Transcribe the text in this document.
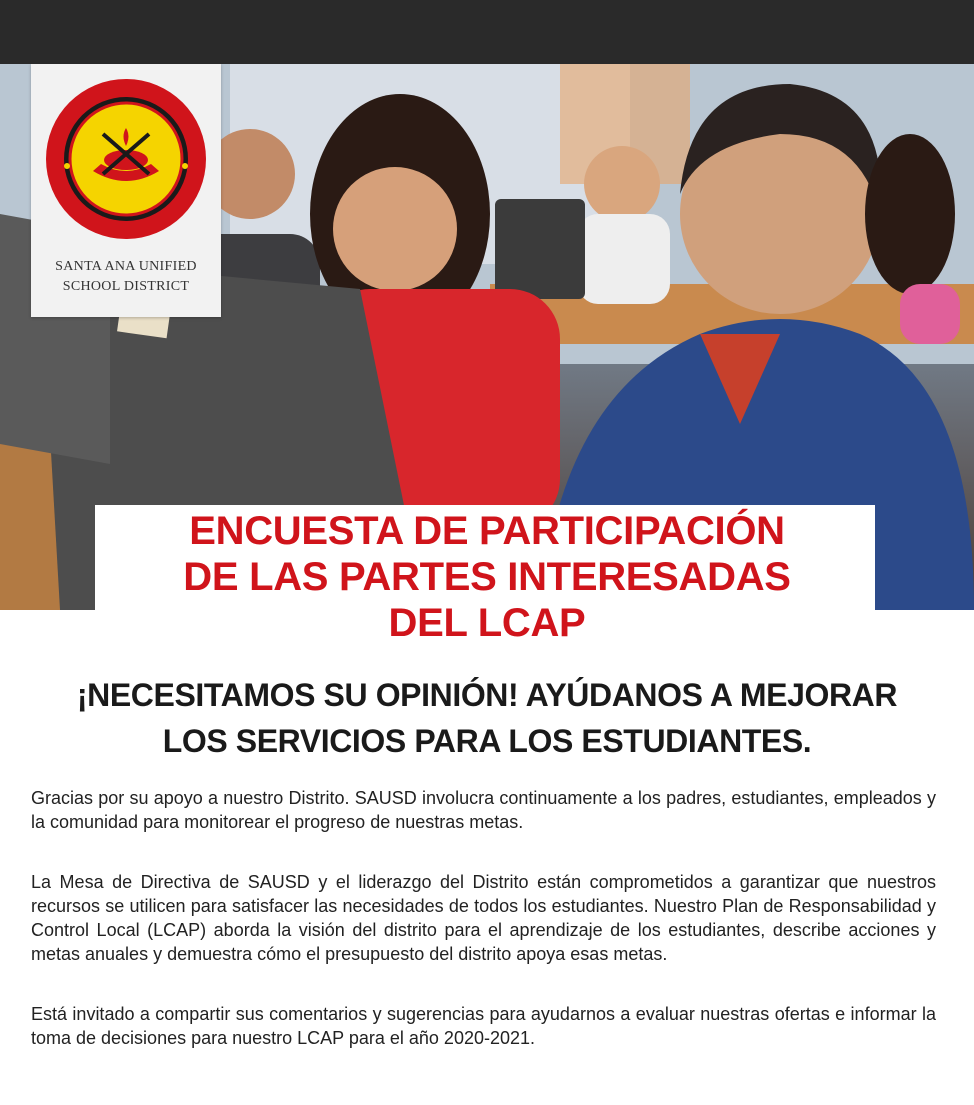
SANTA ANA UNIFIED
SCHOOL DISTRICT
ENCUESTA DE PARTICIPACIÓN
DE LAS PARTES INTERESADAS
DEL LCAP
¡NECESITAMOS SU OPINIÓN! AYÚDANOS A MEJORAR
LOS SERVICIOS PARA LOS ESTUDIANTES.

Gracias por su apoyo a nuestro Distrito. SAUSD involucra continuamente a los padres, estudiantes, empleados y la comunidad para monitorear el progreso de nuestras metas.

La Mesa de Directiva de SAUSD y el liderazgo del Distrito están comprometidos a garantizar que nuestros recursos se utilicen para satisfacer las necesidades de todos los estudiantes. Nuestro Plan de Responsabilidad y Control Local (LCAP) aborda la visión del distrito para el aprendizaje de los estudiantes, describe acciones y metas anuales y demuestra cómo el presupuesto del distrito apoya esas metas.

Está invitado a compartir sus comentarios y sugerencias para ayudarnos a evaluar nuestras ofertas e informar la toma de decisiones para nuestro LCAP para el año 2020-2021.
